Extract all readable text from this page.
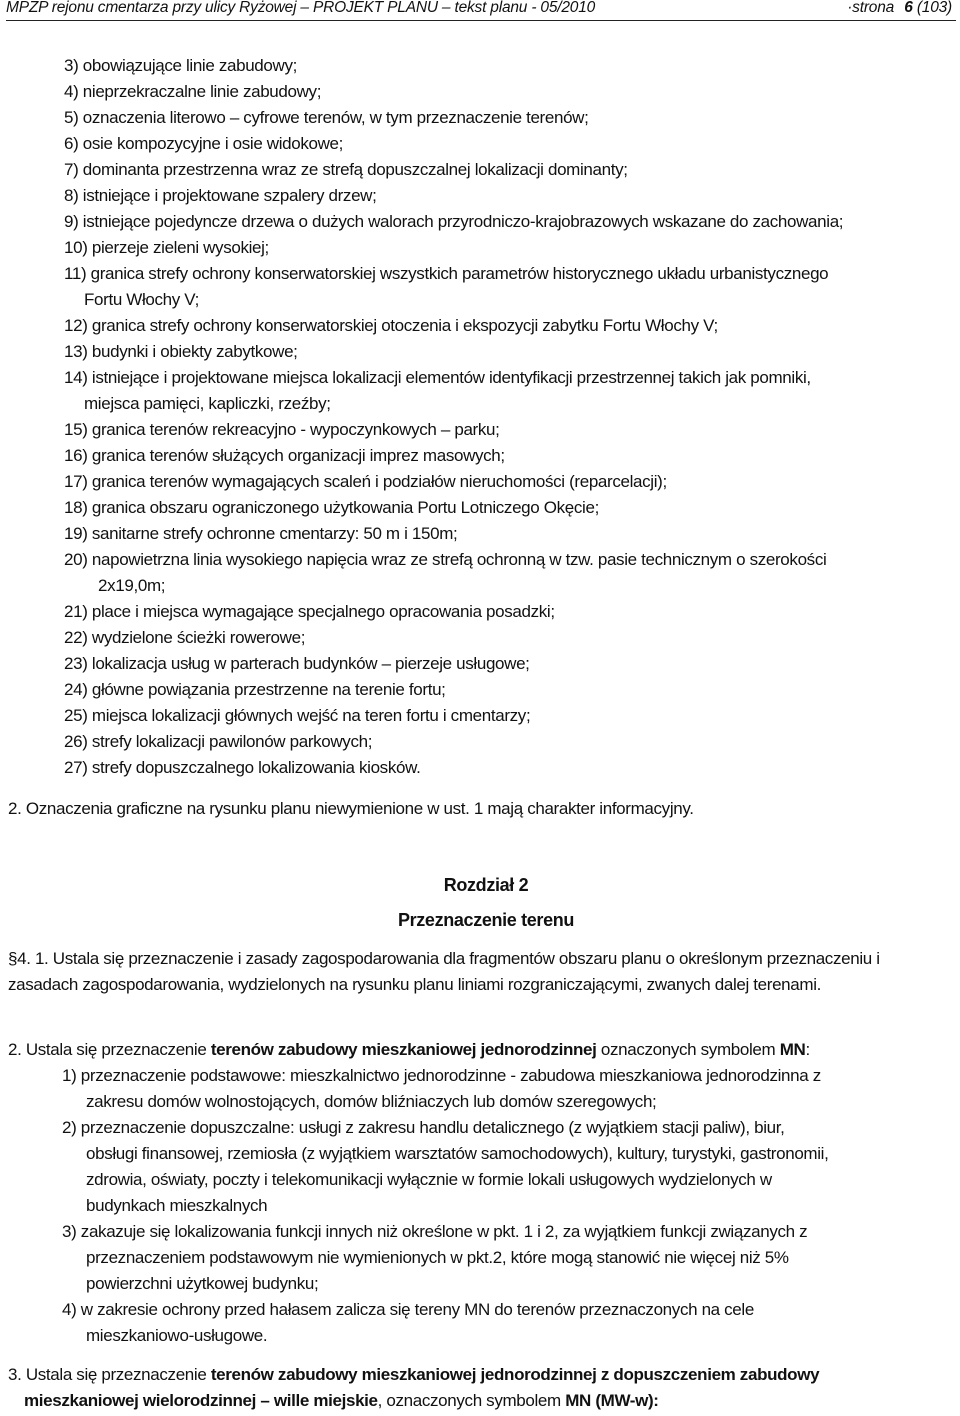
MPZP rejonu cmentarza przy ulicy Ryżowej – PROJEKT PLANU – tekst planu - 05/2010	·strona 6 (103)

3) obowiązujące linie zabudowy;

4) nieprzekraczalne linie zabudowy;

5) oznaczenia literowo – cyfrowe terenów, w tym przeznaczenie terenów;

6) osie kompozycyjne i osie widokowe;

7) dominanta przestrzenna wraz ze strefą dopuszczalnej lokalizacji dominanty;

8) istniejące i projektowane szpalery drzew;

9) istniejące pojedyncze drzewa o dużych walorach przyrodniczo-krajobrazowych wskazane do zachowania;

10) pierzeje zieleni wysokiej;

11) granica strefy ochrony konserwatorskiej wszystkich parametrów historycznego układu urbanistycznego

Fortu Włochy V;

12) granica strefy ochrony konserwatorskiej otoczenia i ekspozycji zabytku Fortu Włochy V;

13) budynki i obiekty zabytkowe;

14) istniejące i projektowane miejsca lokalizacji elementów identyfikacji przestrzennej takich jak pomniki,

miejsca pamięci, kapliczki, rzeźby;

15) granica terenów rekreacyjno - wypoczynkowych – parku;

16) granica terenów służących organizacji imprez masowych;

17) granica terenów wymagających scaleń i podziałów nieruchomości (reparcelacji);

18) granica obszaru ograniczonego użytkowania Portu Lotniczego Okęcie;

19) sanitarne strefy ochronne cmentarzy: 50 m i 150m;

20) napowietrzna linia wysokiego napięcia wraz ze strefą ochronną w tzw. pasie technicznym o szerokości

2x19,0m;

21) place i miejsca wymagające specjalnego opracowania posadzki;

22) wydzielone ścieżki rowerowe;

23) lokalizacja usług w parterach budynków – pierzeje usługowe;

24) główne powiązania przestrzenne na terenie fortu;

25) miejsca lokalizacji głównych wejść na teren fortu i cmentarzy;

26) strefy lokalizacji pawilonów parkowych;

27) strefy dopuszczalnego lokalizowania kiosków.

2. Oznaczenia graficzne na rysunku planu niewymienione w ust. 1 mają charakter informacyjny.

Rozdział 2

Przeznaczenie terenu

§4. 1. Ustala się przeznaczenie i zasady zagospodarowania dla fragmentów obszaru planu o określonym przeznaczeniu i zasadach zagospodarowania, wydzielonych na rysunku planu liniami rozgraniczającymi, zwanych dalej terenami.

2. Ustala się przeznaczenie terenów zabudowy mieszkaniowej jednorodzinnej oznaczonych symbolem MN:

1) przeznaczenie podstawowe: mieszkalnictwo jednorodzinne - zabudowa mieszkaniowa jednorodzinna z

zakresu domów wolnostojących, domów bliźniaczych lub domów szeregowych;

2) przeznaczenie dopuszczalne: usługi z zakresu handlu detalicznego (z wyjątkiem stacji paliw), biur,

obsługi finansowej, rzemiosła (z wyjątkiem warsztatów samochodowych), kultury, turystyki, gastronomii,

zdrowia, oświaty, poczty i telekomunikacji wyłącznie w formie lokali usługowych wydzielonych w

budynkach mieszkalnych

3) zakazuje się lokalizowania funkcji innych niż określone w pkt. 1 i 2, za wyjątkiem funkcji związanych z

przeznaczeniem podstawowym nie wymienionych w pkt.2, które mogą stanowić nie więcej niż 5%

powierzchni użytkowej budynku;

4) w zakresie ochrony przed hałasem zalicza się tereny MN do terenów przeznaczonych na cele

mieszkaniowo-usługowe.

3. Ustala się przeznaczenie terenów zabudowy mieszkaniowej jednorodzinnej z dopuszczeniem zabudowy

mieszkaniowej wielorodzinnej – wille miejskie, oznaczonych symbolem MN (MW-w):
